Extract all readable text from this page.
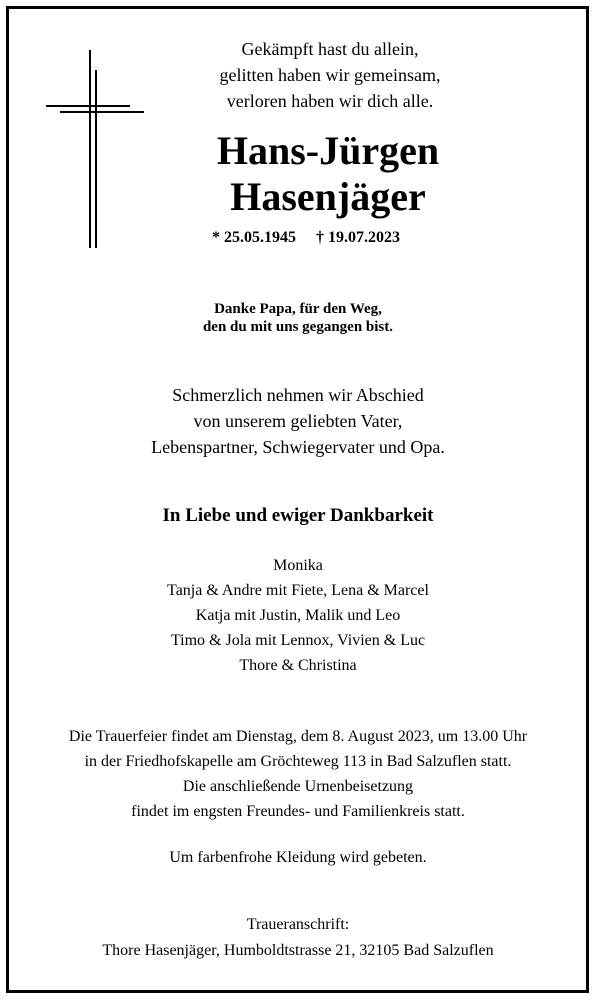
Gekämpft hast du allein,
gelitten haben wir gemeinsam,
verloren haben wir dich alle.
Hans-Jürgen
Hasenjäger
* 25.05.1945 † 19.07.2023
Danke Papa, für den Weg,
den du mit uns gegangen bist.
Schmerzlich nehmen wir Abschied
von unserem geliebten Vater,
Lebenspartner, Schwiegervater und Opa.
In Liebe und ewiger Dankbarkeit
Monika
Tanja & Andre mit Fiete, Lena & Marcel
Katja mit Justin, Malik und Leo
Timo & Jola mit Lennox, Vivien & Luc
Thore & Christina
Die Trauerfeier findet am Dienstag, dem 8. August 2023, um 13.00 Uhr
in der Friedhofskapelle am Gröchteweg 113 in Bad Salzuflen statt.
Die anschließende Urnenbeisetzung
findet im engsten Freundes- und Familienkreis statt.
Um farbenfrohe Kleidung wird gebeten.
Traueranschrift:
Thore Hasenjäger, Humboldtstrasse 21, 32105 Bad Salzuflen
